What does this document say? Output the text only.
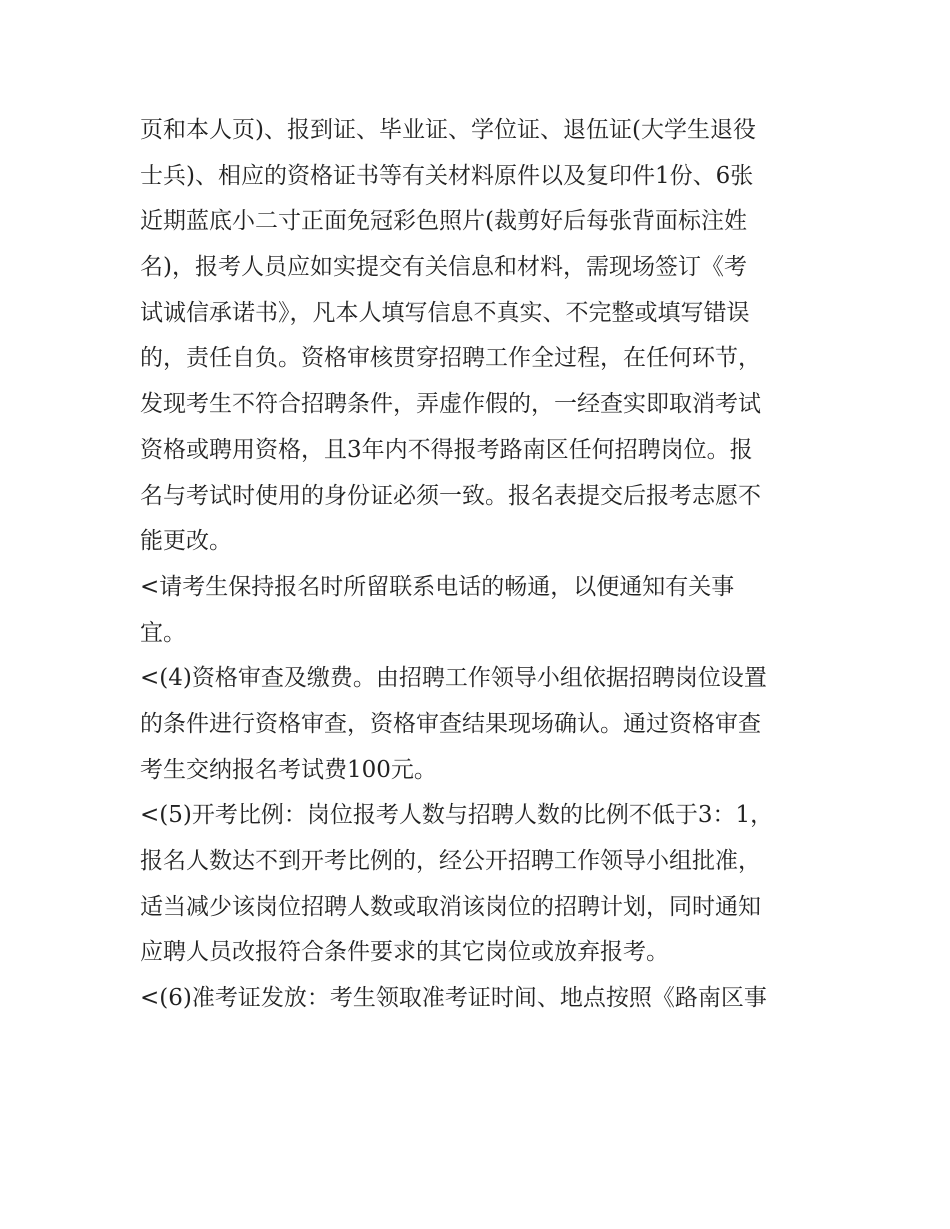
页和本人页)、报到证、毕业证、学位证、退伍证(大学生退役
士兵)、相应的资格证书等有关材料原件以及复印件1份、6张
近期蓝底小二寸正面免冠彩色照片(裁剪好后每张背面标注姓
名)，报考人员应如实提交有关信息和材料，需现场签订《考
试诚信承诺书》，凡本人填写信息不真实、不完整或填写错误
的，责任自负。资格审核贯穿招聘工作全过程，在任何环节，
发现考生不符合招聘条件，弄虚作假的，一经查实即取消考试
资格或聘用资格，且3年内不得报考路南区任何招聘岗位。报
名与考试时使用的身份证必须一致。报名表提交后报考志愿不
能更改。
<请考生保持报名时所留联系电话的畅通，以便通知有关事
宜。
<(4)资格审查及缴费。由招聘工作领导小组依据招聘岗位设置
的条件进行资格审查，资格审查结果现场确认。通过资格审查
考生交纳报名考试费100元。
<(5)开考比例：岗位报考人数与招聘人数的比例不低于3：1，
报名人数达不到开考比例的，经公开招聘工作领导小组批准，
适当减少该岗位招聘人数或取消该岗位的招聘计划，同时通知
应聘人员改报符合条件要求的其它岗位或放弃报考。
<(6)准考证发放：考生领取准考证时间、地点按照《路南区事
